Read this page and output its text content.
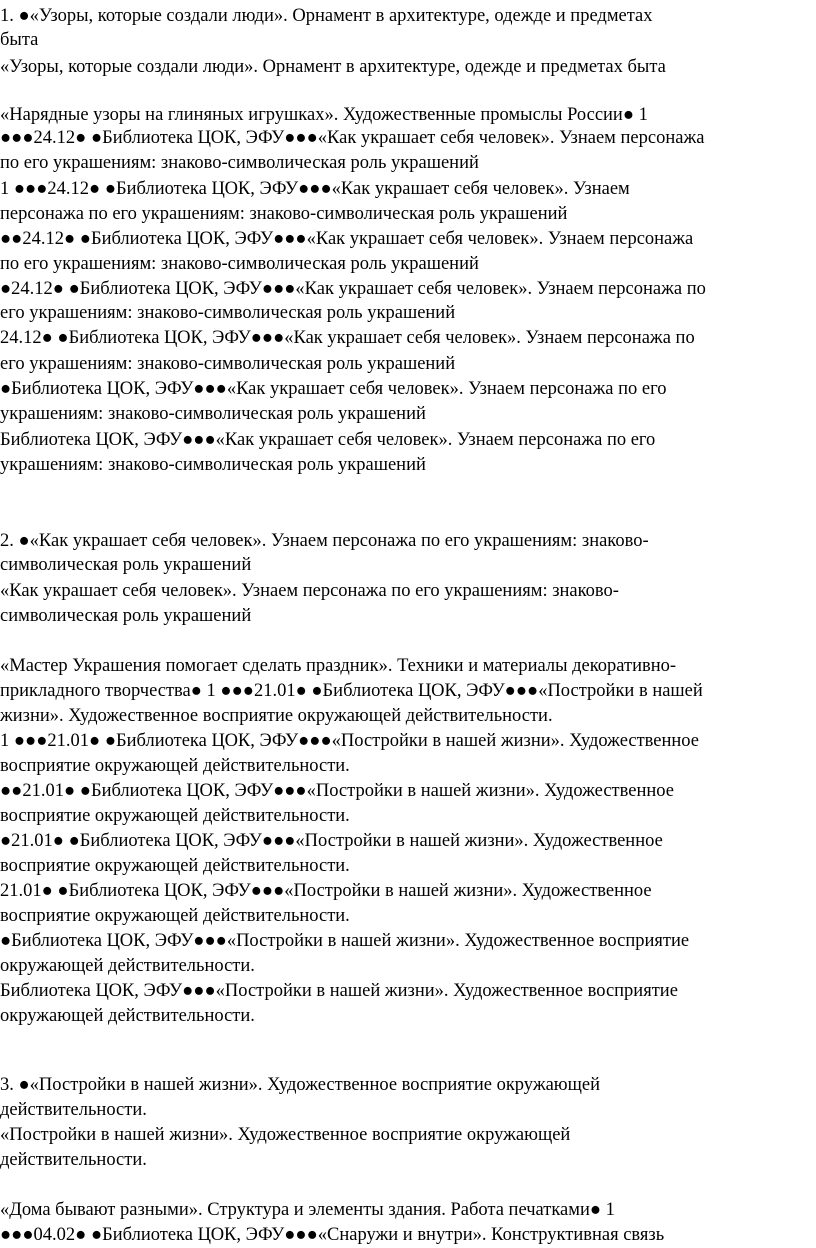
1. ●«Узоры, которые создали люди». Орнамент в архитектуре, одежде и предметах
быта
«Узоры, которые создали люди». Орнамент в архитектуре, одежде и предметах быта
«Нарядные узоры на глиняных игрушках». Художественные промыслы России● 1
●●●24.12● ●Библиотека ЦОК, ЭФУ●●●«Как украшает себя человек». Узнаем персонажа
по его украшениям: знаково-символическая роль украшений
1 ●●●24.12● ●Библиотека ЦОК, ЭФУ●●●«Как украшает себя человек». Узнаем
персонажа по его украшениям: знаково-символическая роль украшений
●●24.12● ●Библиотека ЦОК, ЭФУ●●●«Как украшает себя человек». Узнаем персонажа
по его украшениям: знаково-символическая роль украшений
●24.12● ●Библиотека ЦОК, ЭФУ●●●«Как украшает себя человек». Узнаем персонажа по
его украшениям: знаково-символическая роль украшений
24.12● ●Библиотека ЦОК, ЭФУ●●●«Как украшает себя человек». Узнаем персонажа по
его украшениям: знаково-символическая роль украшений
●Библиотека ЦОК, ЭФУ●●●«Как украшает себя человек». Узнаем персонажа по его
украшениям: знаково-символическая роль украшений
Библиотека ЦОК, ЭФУ●●●«Как украшает себя человек». Узнаем персонажа по его
украшениям: знаково-символическая роль украшений
2. ●«Как украшает себя человек». Узнаем персонажа по его украшениям: знаково-
символическая роль украшений
«Как украшает себя человек». Узнаем персонажа по его украшениям: знаково-
символическая роль украшений
«Мастер Украшения помогает сделать праздник». Техники и материалы декоративно-
прикладного творчества● 1 ●●●21.01● ●Библиотека ЦОК, ЭФУ●●●«Постройки в нашей
жизни». Художественное восприятие окружающей действительности.
1 ●●●21.01● ●Библиотека ЦОК, ЭФУ●●●«Постройки в нашей жизни». Художественное
восприятие окружающей действительности.
●●21.01● ●Библиотека ЦОК, ЭФУ●●●«Постройки в нашей жизни». Художественное
восприятие окружающей действительности.
●21.01● ●Библиотека ЦОК, ЭФУ●●●«Постройки в нашей жизни». Художественное
восприятие окружающей действительности.
21.01● ●Библиотека ЦОК, ЭФУ●●●«Постройки в нашей жизни». Художественное
восприятие окружающей действительности.
●Библиотека ЦОК, ЭФУ●●●«Постройки в нашей жизни». Художественное восприятие
окружающей действительности.
Библиотека ЦОК, ЭФУ●●●«Постройки в нашей жизни». Художественное восприятие
окружающей действительности.
3. ●«Постройки в нашей жизни». Художественное восприятие окружающей
действительности.
«Постройки в нашей жизни». Художественное восприятие окружающей
действительности.
«Дома бывают разными». Структура и элементы здания. Работа печатками● 1
●●●04.02● ●Библиотека ЦОК, ЭФУ●●●«Снаружи и внутри». Конструктивная связь
